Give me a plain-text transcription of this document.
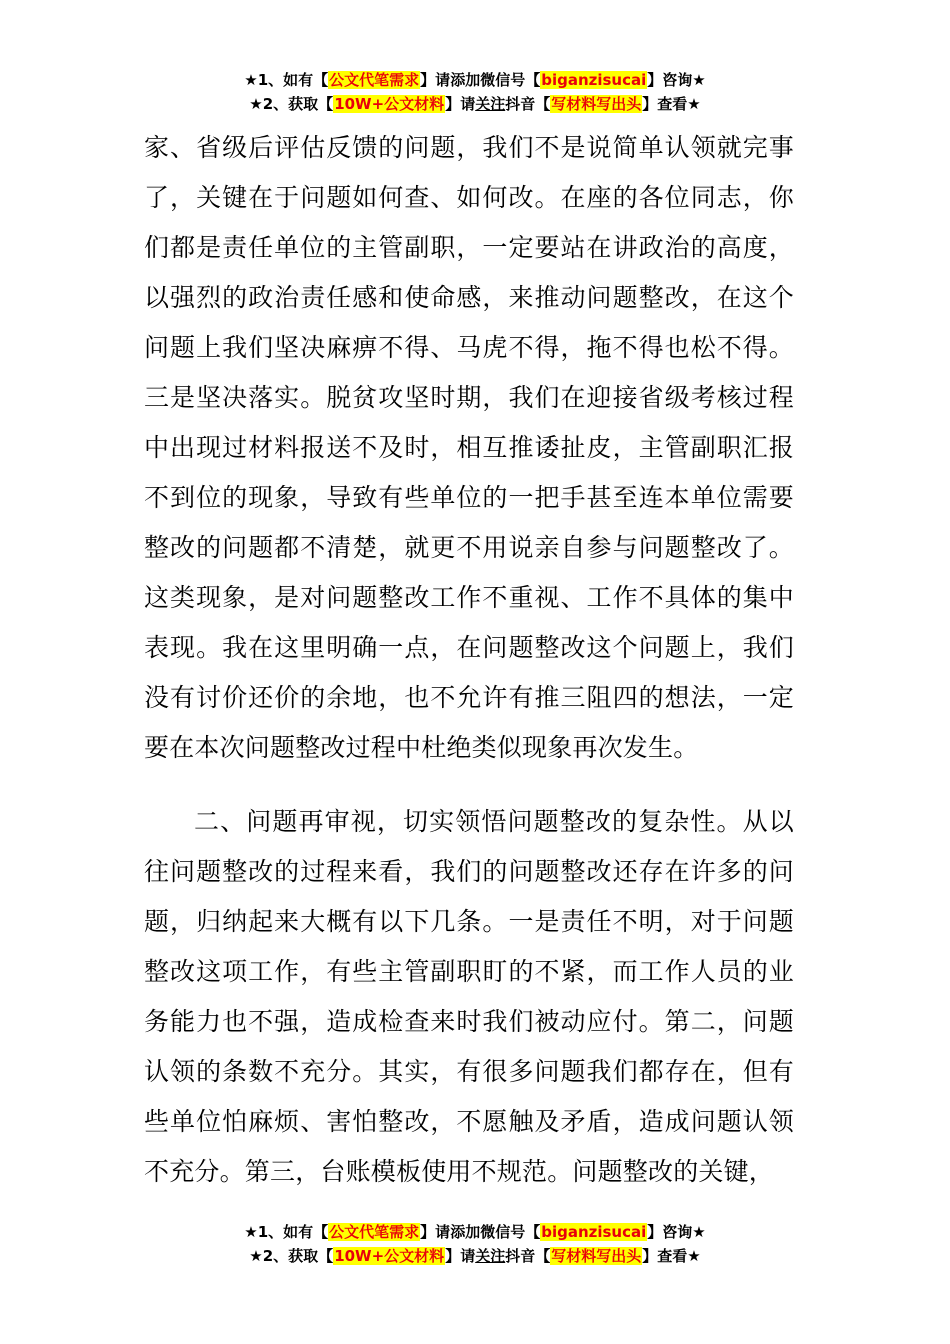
★1、如有【公文代笔需求】请添加微信号【biganzisucai】咨询★
★2、获取【10W+公文材料】请关注抖音【写材料写出头】查看★

家、省级后评估反馈的问题，我们不是说简单认领就完事了，关键在于问题如何查、如何改。在座的各位同志，你们都是责任单位的主管副职，一定要站在讲政治的高度，以强烈的政治责任感和使命感，来推动问题整改，在这个问题上我们坚决麻痹不得、马虎不得，拖不得也松不得。三是坚决落实。脱贫攻坚时期，我们在迎接省级考核过程中出现过材料报送不及时，相互推诿扯皮，主管副职汇报不到位的现象，导致有些单位的一把手甚至连本单位需要整改的问题都不清楚，就更不用说亲自参与问题整改了。这类现象，是对问题整改工作不重视、工作不具体的集中表现。我在这里明确一点，在问题整改这个问题上，我们没有讨价还价的余地，也不允许有推三阻四的想法，一定要在本次问题整改过程中杜绝类似现象再次发生。

二、问题再审视，切实领悟问题整改的复杂性。从以往问题整改的过程来看，我们的问题整改还存在许多的问题，归纳起来大概有以下几条。一是责任不明，对于问题整改这项工作，有些主管副职盯的不紧，而工作人员的业务能力也不强，造成检查来时我们被动应付。第二，问题认领的条数不充分。其实，有很多问题我们都存在，但有些单位怕麻烦、害怕整改，不愿触及矛盾，造成问题认领不充分。第三，台账模板使用不规范。问题整改的关键，

★1、如有【公文代笔需求】请添加微信号【biganzisucai】咨询★
★2、获取【10W+公文材料】请关注抖音【写材料写出头】查看★
